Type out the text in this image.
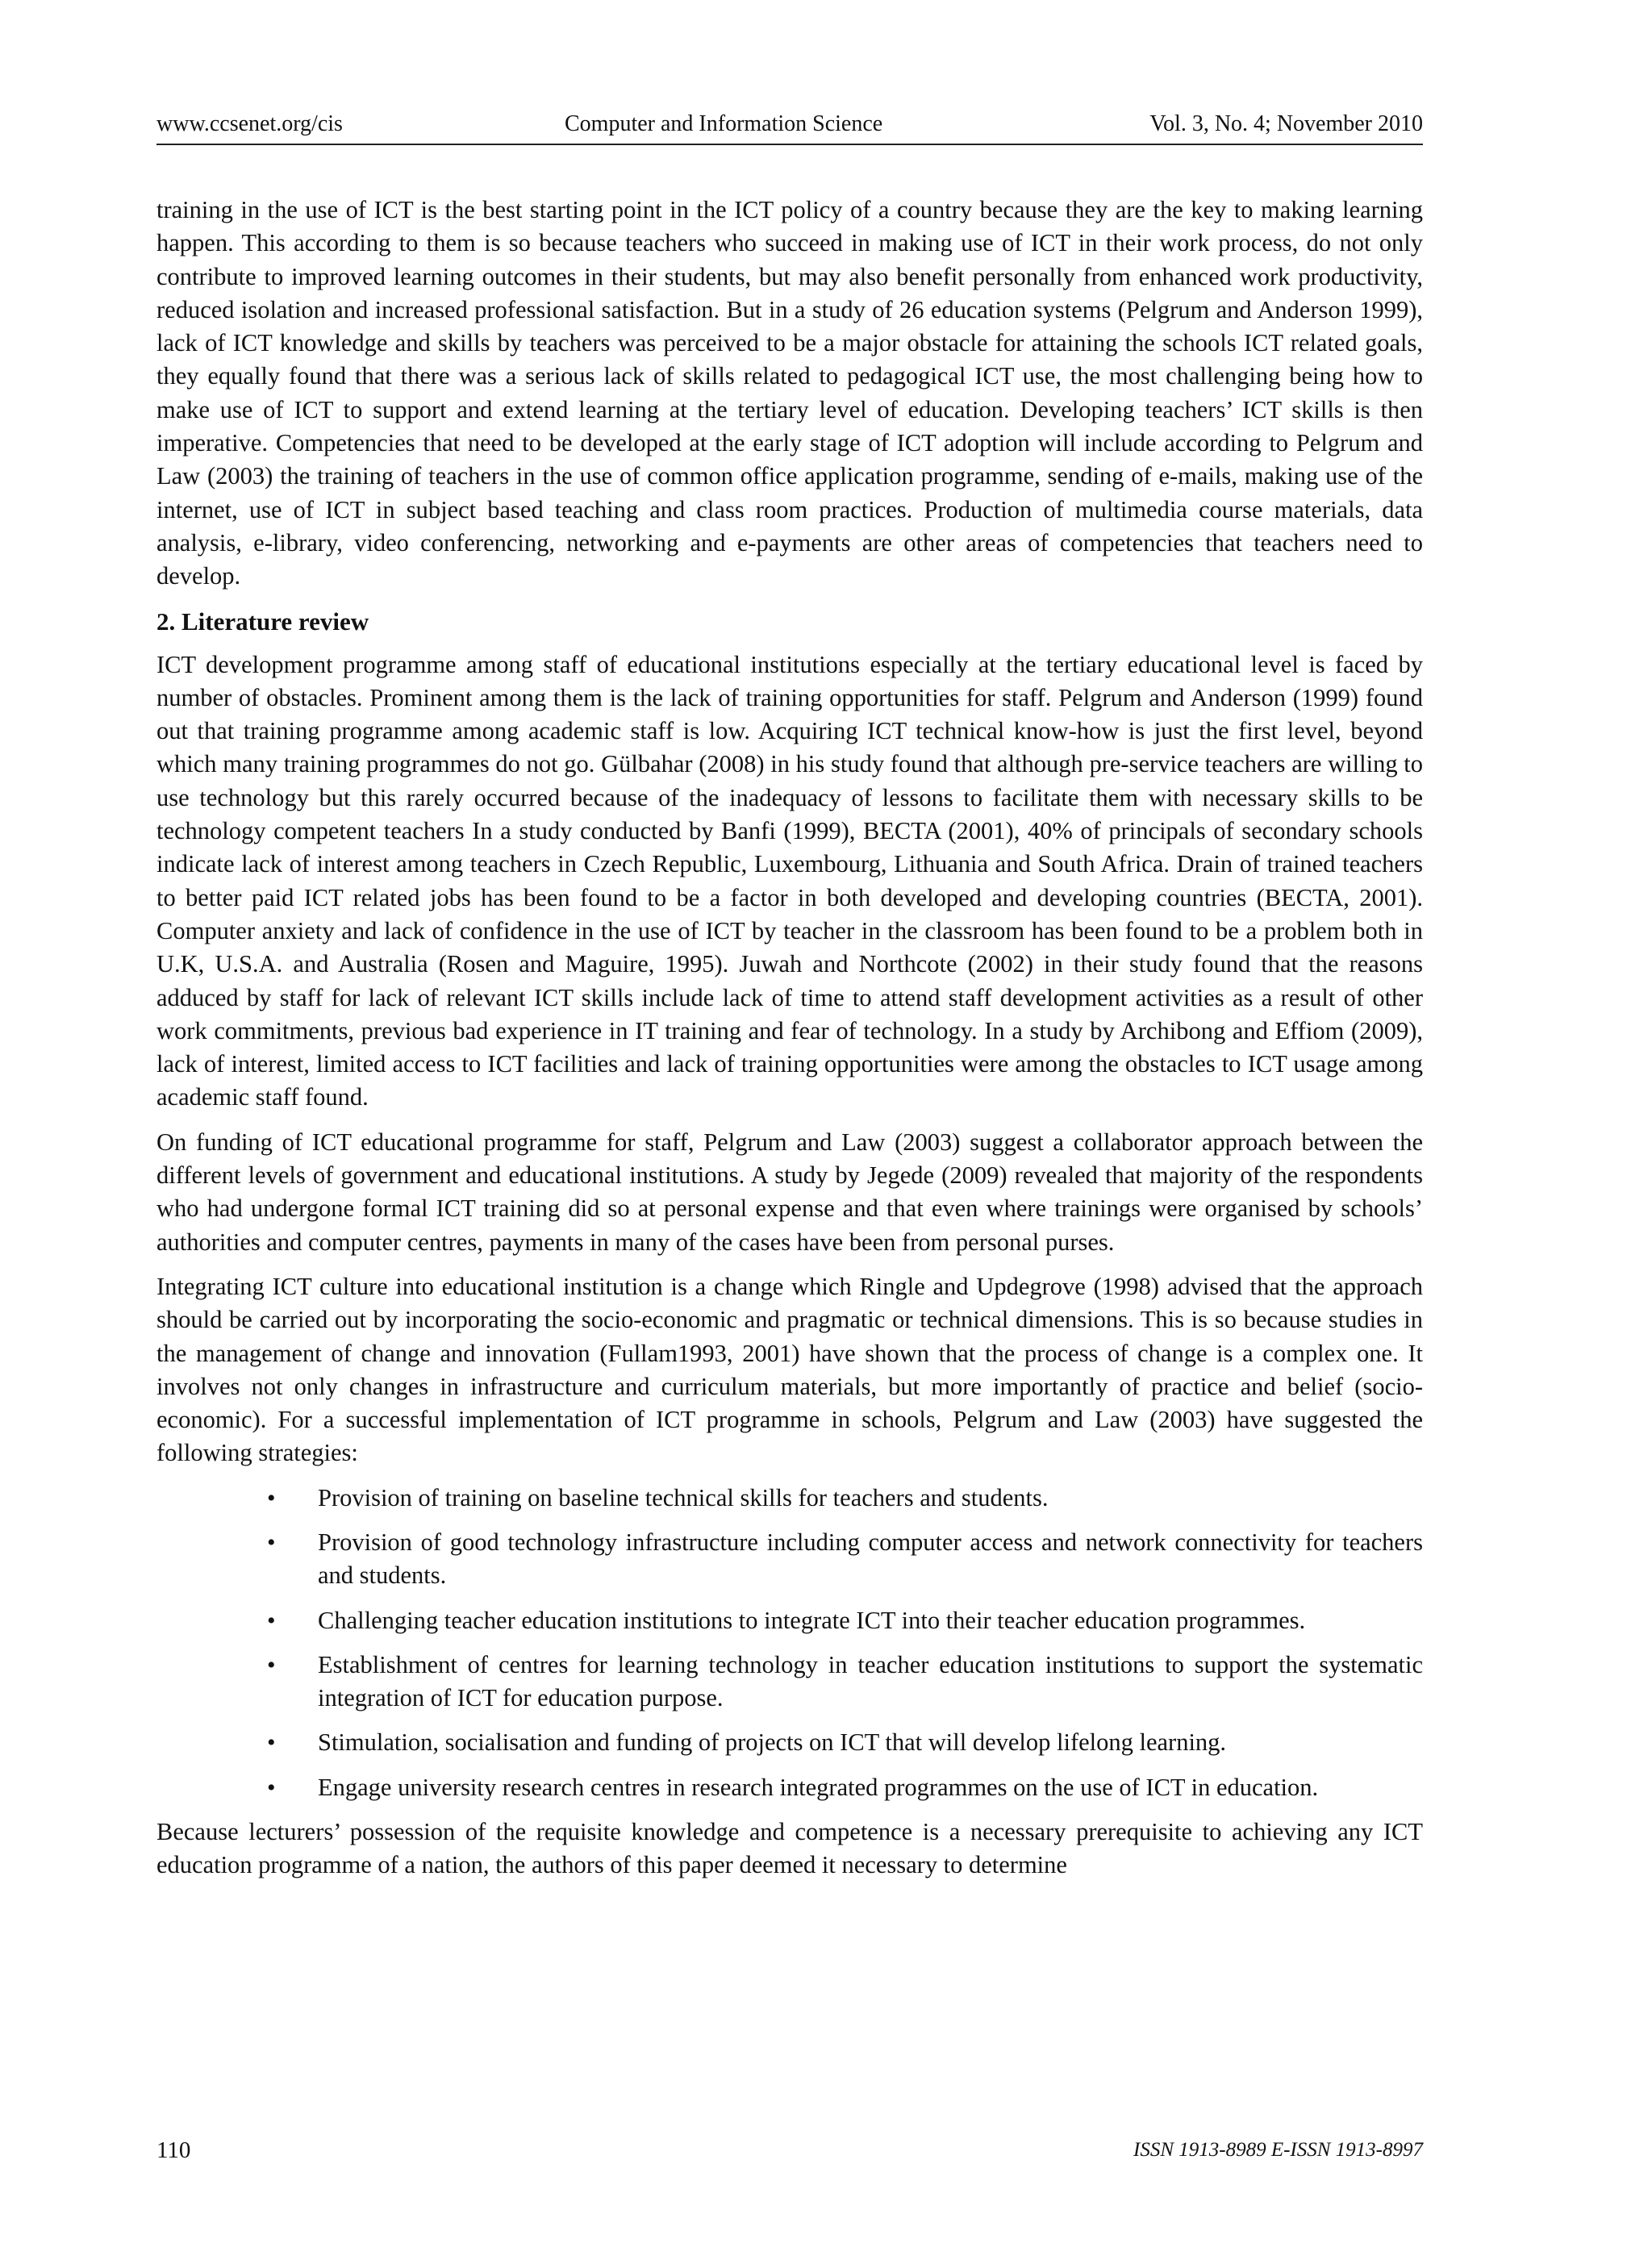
www.ccsenet.org/cis	Computer and Information Science	Vol. 3, No. 4; November 2010

training in the use of ICT is the best starting point in the ICT policy of a country because they are the key to making learning happen. This according to them is so because teachers who succeed in making use of ICT in their work process, do not only contribute to improved learning outcomes in their students, but may also benefit personally from enhanced work productivity, reduced isolation and increased professional satisfaction. But in a study of 26 education systems (Pelgrum and Anderson 1999), lack of ICT knowledge and skills by teachers was perceived to be a major obstacle for attaining the schools ICT related goals, they equally found that there was a serious lack of skills related to pedagogical ICT use, the most challenging being how to make use of ICT to support and extend learning at the tertiary level of education. Developing teachers’ ICT skills is then imperative. Competencies that need to be developed at the early stage of ICT adoption will include according to Pelgrum and Law (2003) the training of teachers in the use of common office application programme, sending of e-mails, making use of the internet, use of ICT in subject based teaching and class room practices. Production of multimedia course materials, data analysis, e-library, video conferencing, networking and e-payments are other areas of competencies that teachers need to develop.

2. Literature review

ICT development programme among staff of educational institutions especially at the tertiary educational level is faced by number of obstacles. Prominent among them is the lack of training opportunities for staff. Pelgrum and Anderson (1999) found out that training programme among academic staff is low. Acquiring ICT technical know-how is just the first level, beyond which many training programmes do not go. Gülbahar (2008) in his study found that although pre-service teachers are willing to use technology but this rarely occurred because of the inadequacy of lessons to facilitate them with necessary skills to be technology competent teachers In a study conducted by Banfi (1999), BECTA (2001), 40% of principals of secondary schools indicate lack of interest among teachers in Czech Republic, Luxembourg, Lithuania and South Africa. Drain of trained teachers to better paid ICT related jobs has been found to be a factor in both developed and developing countries (BECTA, 2001). Computer anxiety and lack of confidence in the use of ICT by teacher in the classroom has been found to be a problem both in U.K, U.S.A. and Australia (Rosen and Maguire, 1995). Juwah and Northcote (2002) in their study found that the reasons adduced by staff for lack of relevant ICT skills include lack of time to attend staff development activities as a result of other work commitments, previous bad experience in IT training and fear of technology. In a study by Archibong and Effiom (2009), lack of interest, limited access to ICT facilities and lack of training opportunities were among the obstacles to ICT usage among academic staff found.

On funding of ICT educational programme for staff, Pelgrum and Law (2003) suggest a collaborator approach between the different levels of government and educational institutions. A study by Jegede (2009) revealed that majority of the respondents who had undergone formal ICT training did so at personal expense and that even where trainings were organised by schools’ authorities and computer centres, payments in many of the cases have been from personal purses.

Integrating ICT culture into educational institution is a change which Ringle and Updegrove (1998) advised that the approach should be carried out by incorporating the socio-economic and pragmatic or technical dimensions. This is so because studies in the management of change and innovation (Fullam1993, 2001) have shown that the process of change is a complex one. It involves not only changes in infrastructure and curriculum materials, but more importantly of practice and belief (socio-economic). For a successful implementation of ICT programme in schools, Pelgrum and Law (2003) have suggested the following strategies:

• Provision of training on baseline technical skills for teachers and students.
• Provision of good technology infrastructure including computer access and network connectivity for teachers and students.
• Challenging teacher education institutions to integrate ICT into their teacher education programmes.
• Establishment of centres for learning technology in teacher education institutions to support the systematic integration of ICT for education purpose.
• Stimulation, socialisation and funding of projects on ICT that will develop lifelong learning.
• Engage university research centres in research integrated programmes on the use of ICT in education.

Because lecturers’ possession of the requisite knowledge and competence is a necessary prerequisite to achieving any ICT education programme of a nation, the authors of this paper deemed it necessary to determine

110	ISSN 1913-8989 E-ISSN 1913-8997
